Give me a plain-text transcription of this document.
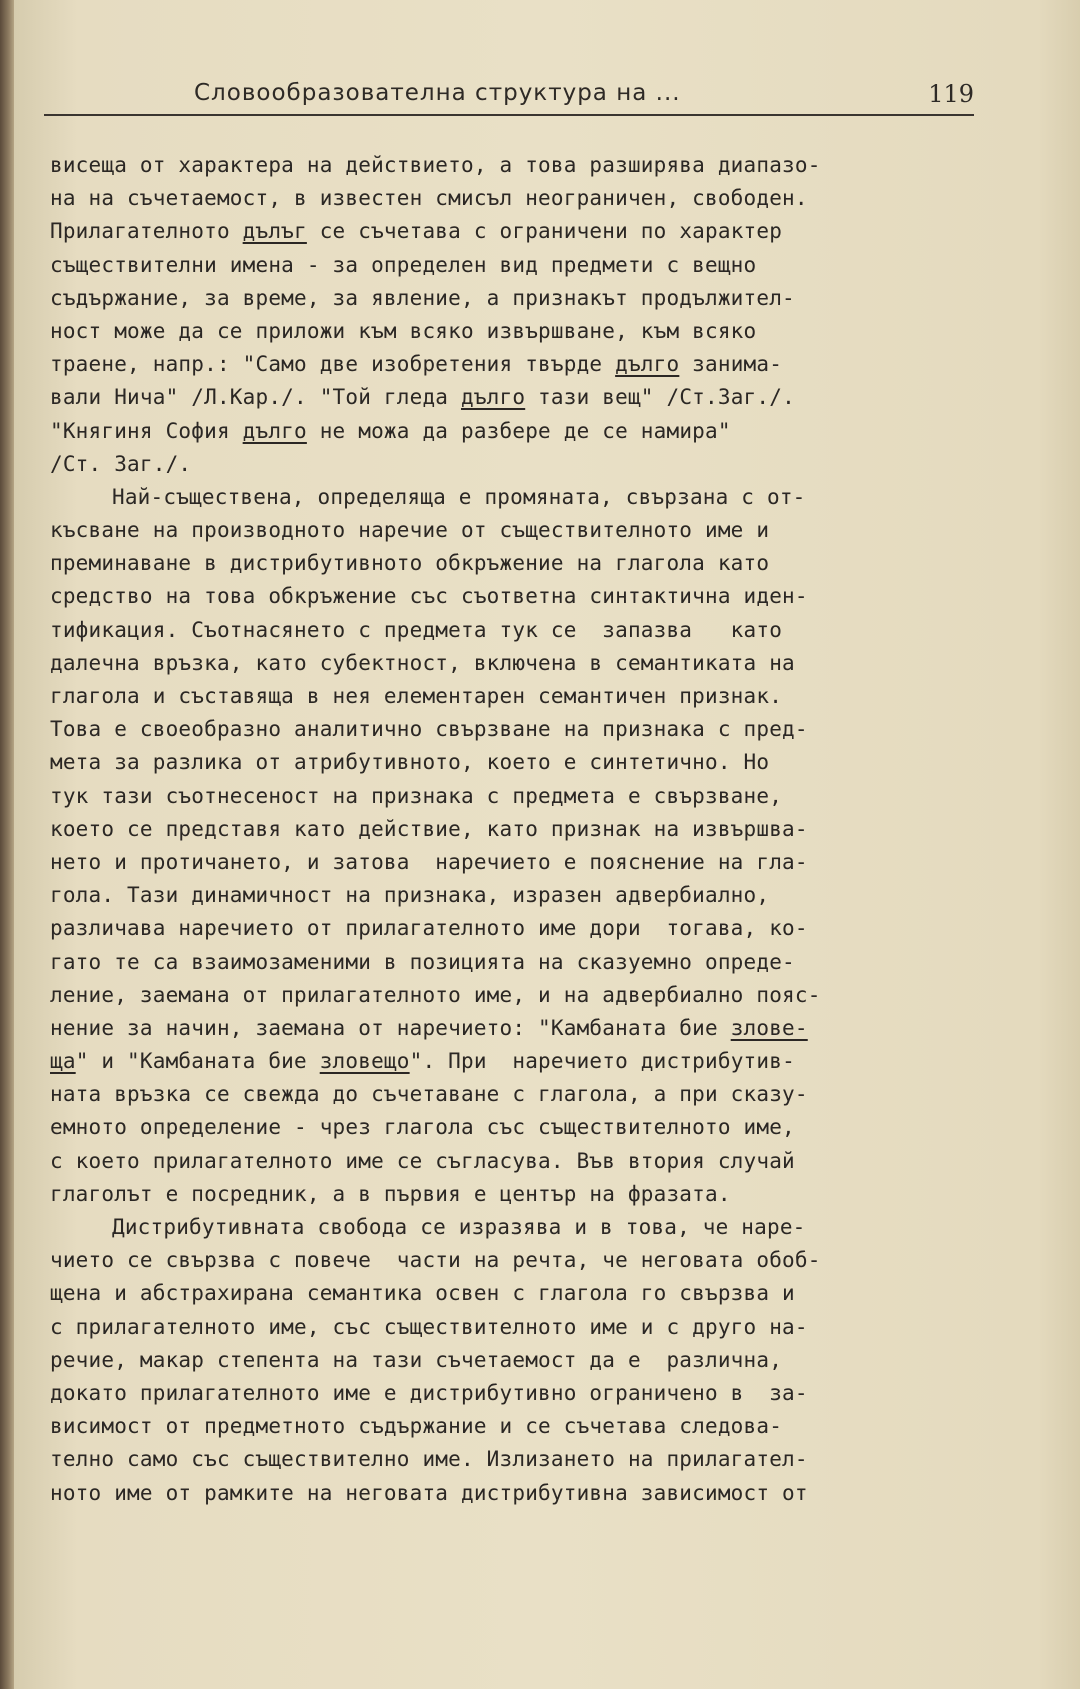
Словообразователна структура на ...	119
висеща от характера на действието, а това разширява диапазо-
на на съчетаемост, в известен смисъл неограничен, свободен.
Прилагателното дълъг се съчетава с ограничени по характер
съществителни имена - за определен вид предмети с вещно
съдържание, за време, за явление, а признакът продължител-
ност може да се приложи към всяко извършване, към всяко
траене, напр.: "Само две изобретения твърде дълго занима-
вали Нича" /Л.Кар./. "Той гледа дълго тази вещ" /Ст.Заг./.
"Княгиня София дълго не можа да разбере де се намира"
/Ст. Заг./.
Най-съществена, определяща е промяната, свързана с от-
късване на производното наречие от съществителното име и
преминаване в дистрибутивното обкръжение на глагола като
средство на това обкръжение със съответна синтактична иден-
тификация. Съотнасянето с предмета тук се  запазва   като
далечна връзка, като субектност, включена в семантиката на
глагола и съставяща в нея елементарен семантичен признак.
Това е своеобразно аналитично свързване на признака с пред-
мета за разлика от атрибутивното, което е синтетично. Но
тук тази съотнесеност на признака с предмета е свързване,
което се представя като действие, като признак на извършва-
нето и протичането, и затова  наречието е пояснение на гла-
гола. Тази динамичност на признака, изразен адвербиално,
различава наречието от прилагателното име дори  тогава, ко-
гато те са взаимозаменими в позицията на сказуемно опреде-
ление, заемана от прилагателното име, и на адвербиално пояс-
нение за начин, заемана от наречието: "Камбаната бие злове-
ща" и "Камбаната бие зловещо". При  наречието дистрибутив-
ната връзка се свежда до съчетаване с глагола, а при сказу-
емното определение - чрез глагола със съществителното име,
с което прилагателното име се съгласува. Във втория случай
глаголът е посредник, а в първия е център на фразата.
Дистрибутивната свобода се изразява и в това, че наре-
чието се свързва с повече  части на речта, че неговата обоб-
щена и абстрахирана семантика освен с глагола го свързва и
с прилагателното име, със съществителното име и с друго на-
речие, макар степента на тази съчетаемост да е  различна,
докато прилагателното име е дистрибутивно ограничено в  за-
висимост от предметното съдържание и се съчетава следова-
телно само със съществително име. Излизането на прилагател-
ното име от рамките на неговата дистрибутивна зависимост от
